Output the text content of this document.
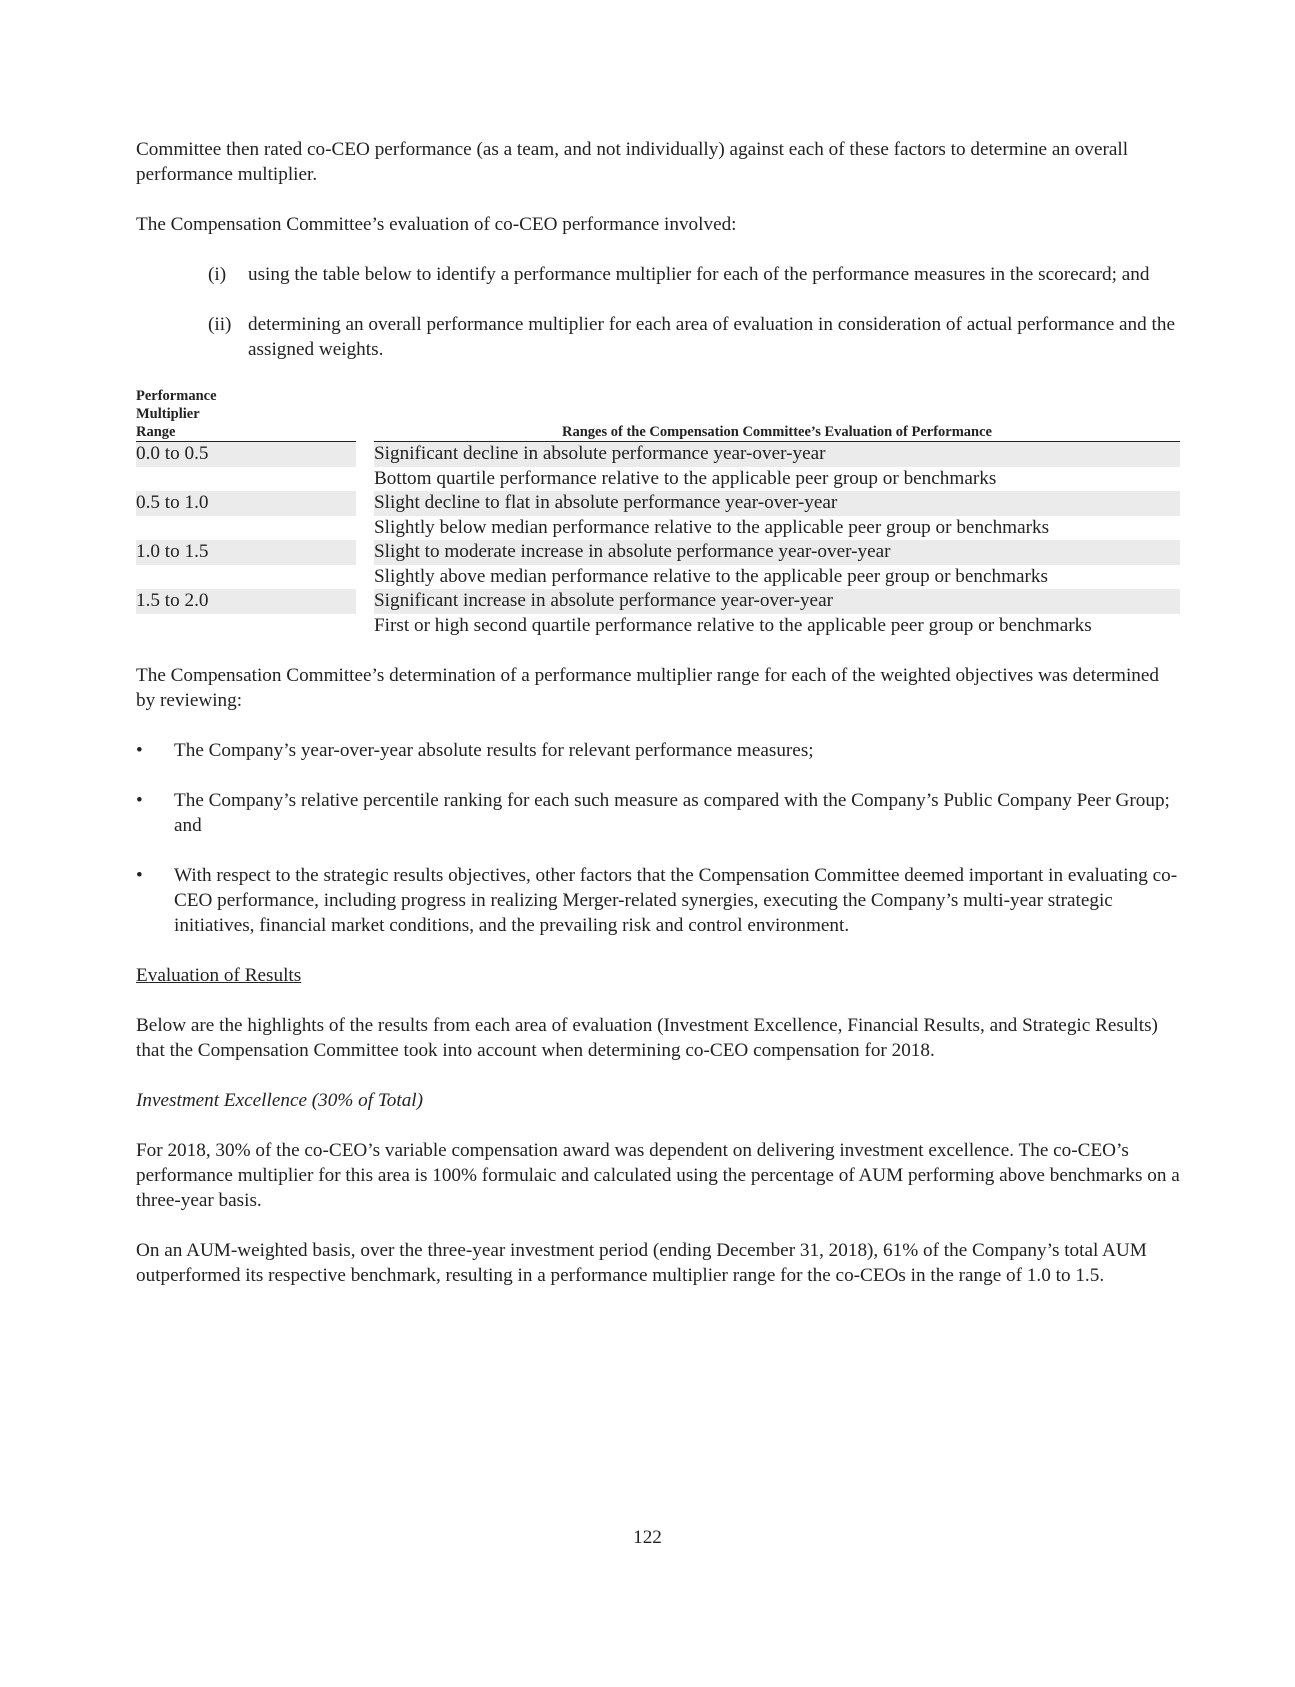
Committee then rated co-CEO performance (as a team, and not individually) against each of these factors to determine an overall performance multiplier.

The Compensation Committee’s evaluation of co-CEO performance involved:

(i)	using the table below to identify a performance multiplier for each of the performance measures in the scorecard; and
(ii) determining an overall performance multiplier for each area of evaluation in consideration of actual performance and the assigned weights.
Performance
Multiplier
Range	Ranges of the Compensation Committee’s Evaluation of Performance
0.0 to 0.5	Significant decline in absolute performance year-over-year
Bottom quartile performance relative to the applicable peer group or benchmarks
0.5 to 1.0	Slight decline to flat in absolute performance year-over-year
Slightly below median performance relative to the applicable peer group or benchmarks
1.0 to 1.5	Slight to moderate increase in absolute performance year-over-year
Slightly above median performance relative to the applicable peer group or benchmarks
1.5 to 2.0	Significant increase in absolute performance year-over-year
First or high second quartile performance relative to the applicable peer group or benchmarks

The Compensation Committee’s determination of a performance multiplier range for each of the weighted objectives was determined by reviewing:

•	The Company’s year-over-year absolute results for relevant performance measures;
•	The Company’s relative percentile ranking for each such measure as compared with the Company’s Public Company Peer Group; and
•	With respect to the strategic results objectives, other factors that the Compensation Committee deemed important in evaluating co-CEO performance, including progress in realizing Merger-related synergies, executing the Company’s multi-year strategic initiatives, financial market conditions, and the prevailing risk and control environment.

Evaluation of Results

Below are the highlights of the results from each area of evaluation (Investment Excellence, Financial Results, and Strategic Results) that the Compensation Committee took into account when determining co-CEO compensation for 2018.

Investment Excellence (30% of Total)

For 2018, 30% of the co-CEO’s variable compensation award was dependent on delivering investment excellence. The co-CEO’s performance multiplier for this area is 100% formulaic and calculated using the percentage of AUM performing above benchmarks on a three-year basis.

On an AUM-weighted basis, over the three-year investment period (ending December 31, 2018), 61% of the Company’s total AUM outperformed its respective benchmark, resulting in a performance multiplier range for the co-CEOs in the range of 1.0 to 1.5.

122
